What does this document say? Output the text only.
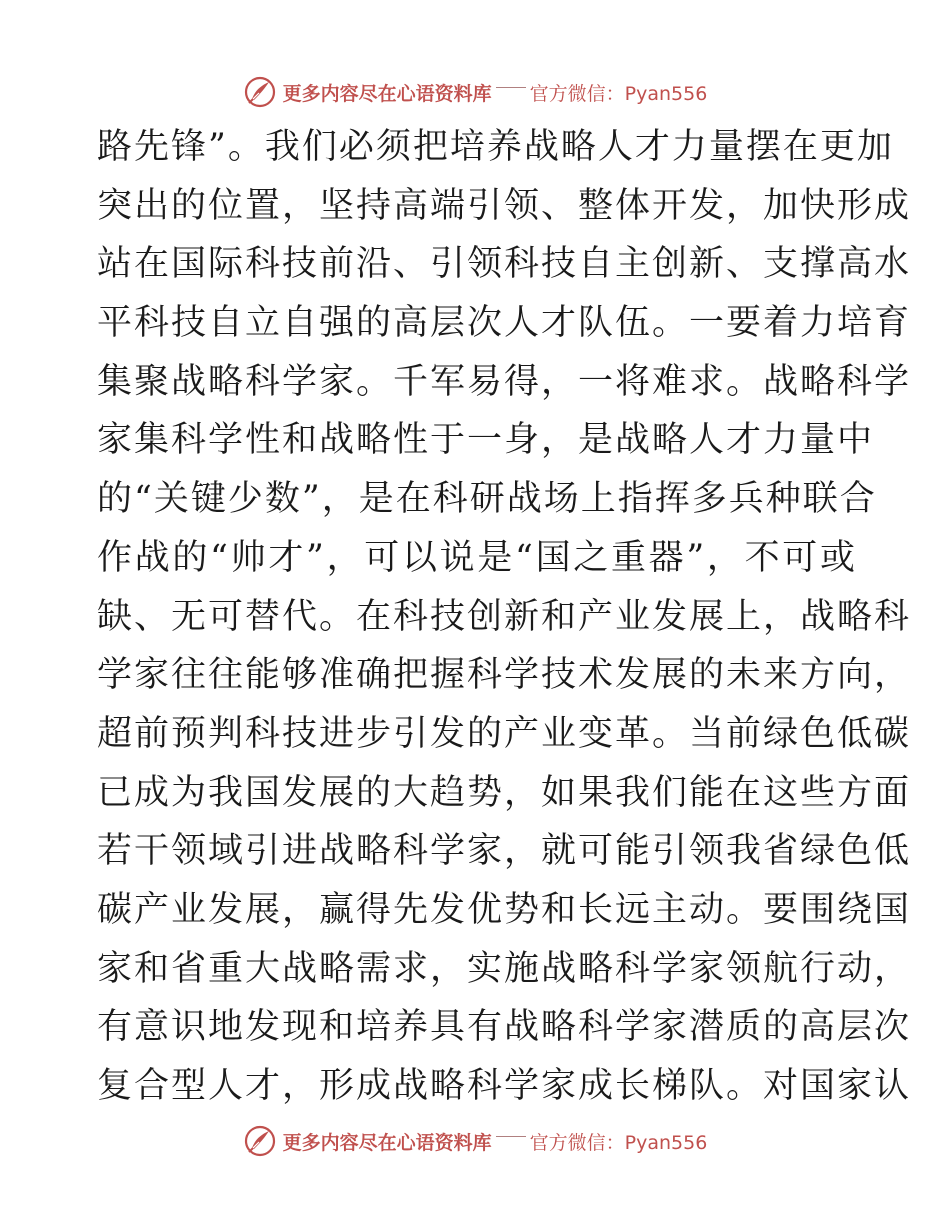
更多内容尽在心语资料库 官方微信：Pyan556
路先锋”。我们必须把培养战略人才力量摆在更加
突出的位置，坚持高端引领、整体开发，加快形成
站在国际科技前沿、引领科技自主创新、支撑高水
平科技自立自强的高层次人才队伍。一要着力培育
集聚战略科学家。千军易得，一将难求。战略科学
家集科学性和战略性于一身，是战略人才力量中
的“关键少数”，是在科研战场上指挥多兵种联合
作战的“帅才”，可以说是“国之重器”，不可或
缺、无可替代。在科技创新和产业发展上，战略科
学家往往能够准确把握科学技术发展的未来方向，
超前预判科技进步引发的产业变革。当前绿色低碳
已成为我国发展的大趋势，如果我们能在这些方面
若干领域引进战略科学家，就可能引领我省绿色低
碳产业发展，赢得先发优势和长远主动。要围绕国
家和省重大战略需求，实施战略科学家领航行动，
有意识地发现和培养具有战略科学家潜质的高层次
复合型人才，形成战略科学家成长梯队。对国家认
更多内容尽在心语资料库 官方微信：Pyan556
